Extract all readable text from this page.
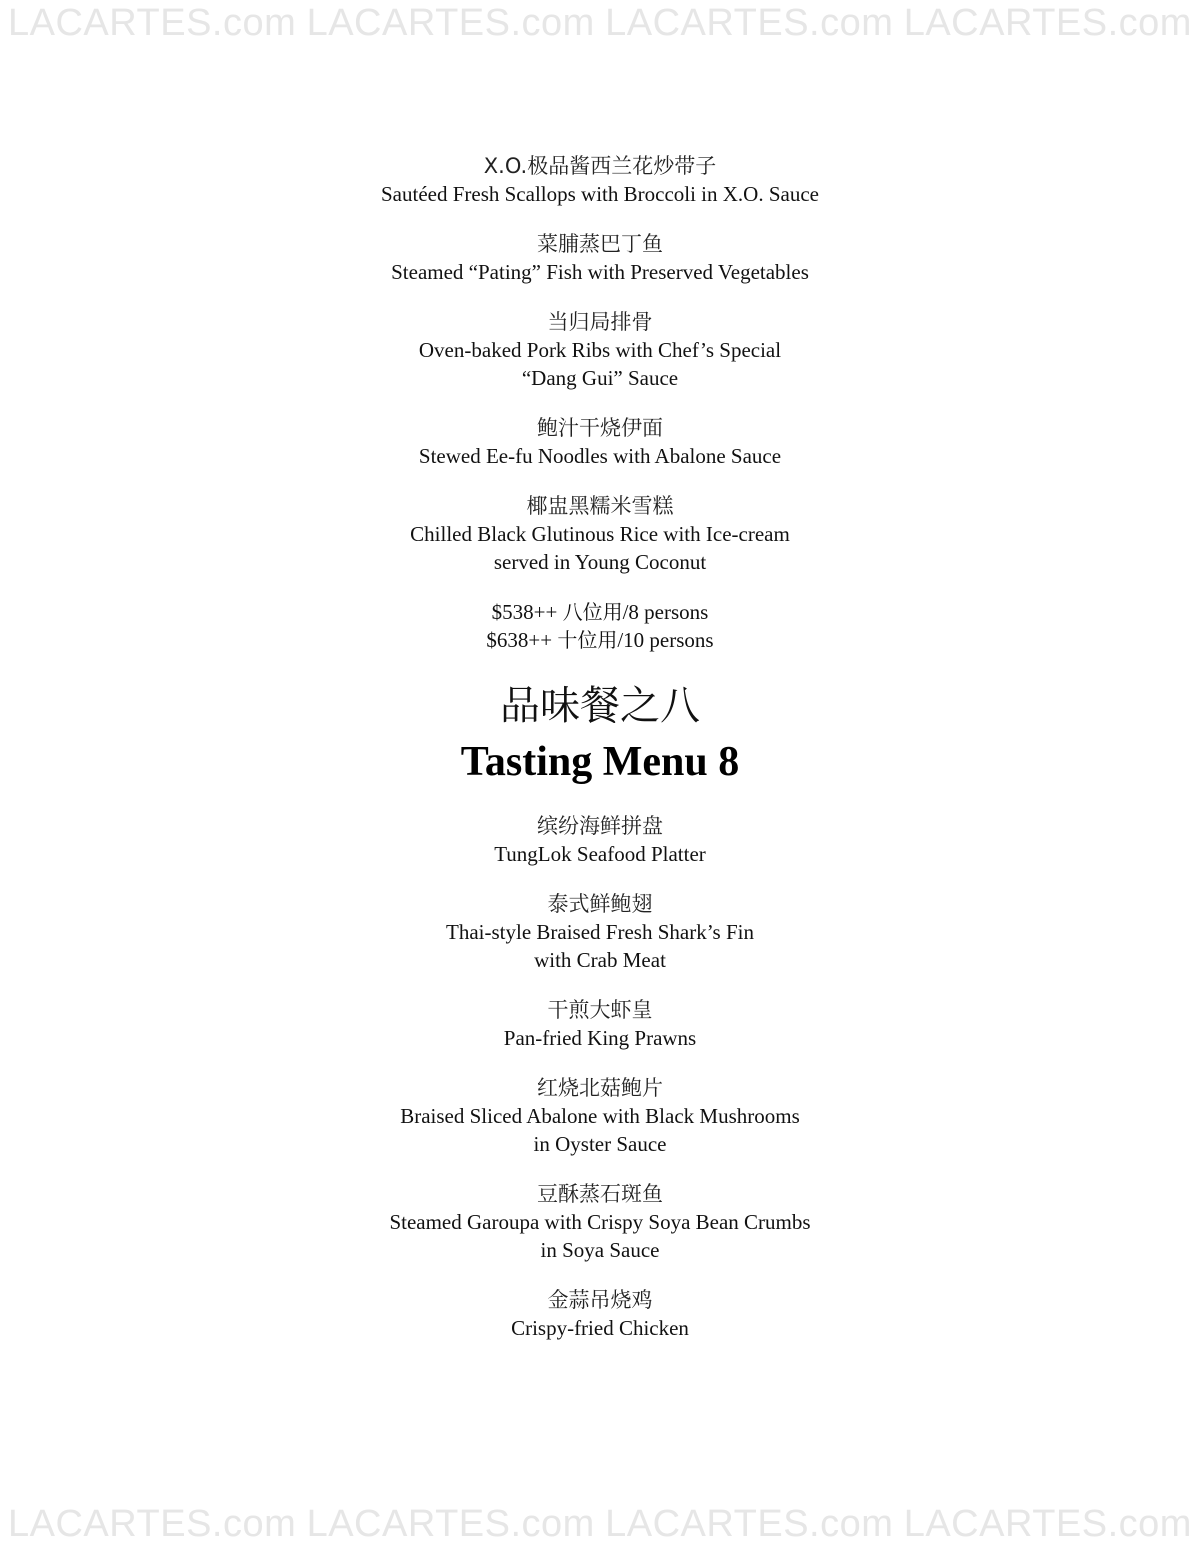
LACARTES.com LACARTES.com LACARTES.com LACARTES.com
X.O.极品酱西兰花炒带子
Sautéed Fresh Scallops with Broccoli in X.O. Sauce
菜脯蒸巴丁鱼
Steamed “Pating” Fish with Preserved Vegetables
当归局排骨
Oven-baked Pork Ribs with Chef’s Special
“Dang Gui” Sauce
鲍汁干烧伊面
Stewed Ee-fu Noodles with Abalone Sauce
椰盅黑糯米雪糕
Chilled Black Glutinous Rice with Ice-cream
served in Young Coconut
$538++ 八位用/8 persons
$638++ 十位用/10 persons
品味餐之八
Tasting Menu 8
缤纷海鲜拼盘
TungLok Seafood Platter
泰式鲜鲍翅
Thai-style Braised Fresh Shark’s Fin
with Crab Meat
干煎大虾皇
Pan-fried King Prawns
红烧北菇鲍片
Braised Sliced Abalone with Black Mushrooms
in Oyster Sauce
豆酥蒸石斑鱼
Steamed Garoupa with Crispy Soya Bean Crumbs
in Soya Sauce
金蒜吊烧鸡
Crispy-fried Chicken
LACARTES.com LACARTES.com LACARTES.com LACARTES.com
